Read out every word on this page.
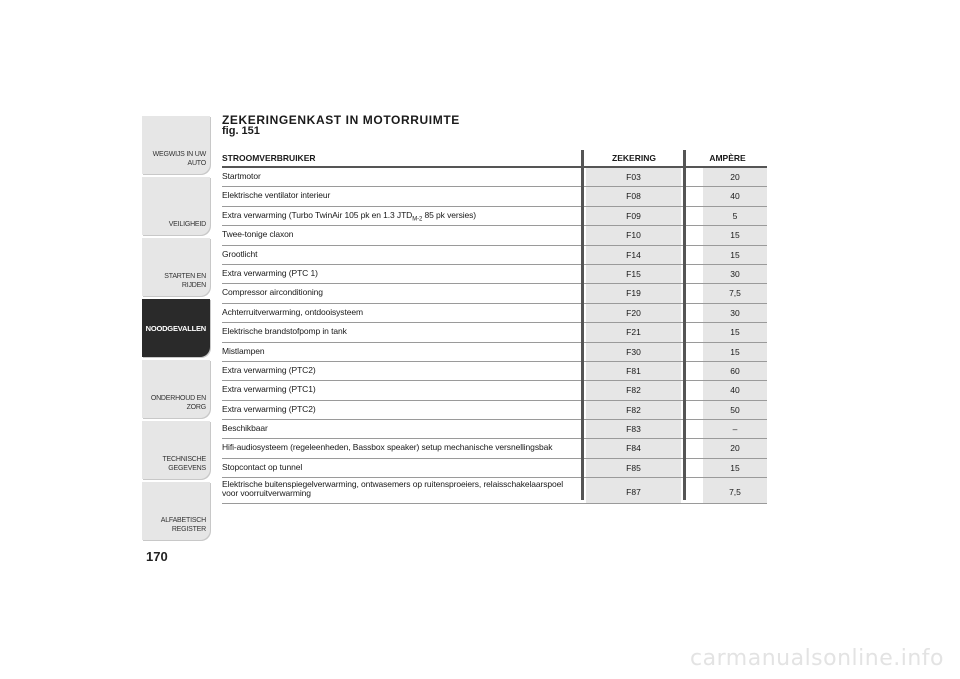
WEGWIJS IN UW AUTO
VEILIGHEID
STARTEN EN RIJDEN
NOODGEVALLEN
ONDERHOUD EN ZORG
TECHNISCHE GEGEVENS
ALFABETISCH REGISTER
170
ZEKERINGENKAST IN MOTORRUIMTE
fig. 151
STROOMVERBRUIKER	ZEKERING	AMPÈRE
Startmotor	F03	20
Elektrische ventilator interieur	F08	40
Extra verwarming (Turbo TwinAir 105 pk en 1.3 $JTD_{M-2}$ 85 pk versies)	F09	5
Twee-tonige claxon	F10	15
Grootlicht	F14	15
Extra verwarming (PTC 1)	F15	30
Compressor airconditioning	F19	7,5
Achterruitverwarming, ontdooisysteem	F20	30
Elektrische brandstofpomp in tank	F21	15
Mistlampen	F30	15
Extra verwarming (PTC2)	F81	60
Extra verwarming (PTC1)	F82	40
Extra verwarming (PTC2)	F82	50
Beschikbaar	F83	–
Hifi-audiosysteem (regeleenheden, Bassbox speaker) setup mechanische versnellingsbak	F84	20
Stopcontact op tunnel	F85	15
Elektrische buitenspiegelverwarming, ontwasemers op ruitensproeiers, relaisschakelaarspoel voor voorruitverwarming	F87	7,5
carmanualsonline.info
